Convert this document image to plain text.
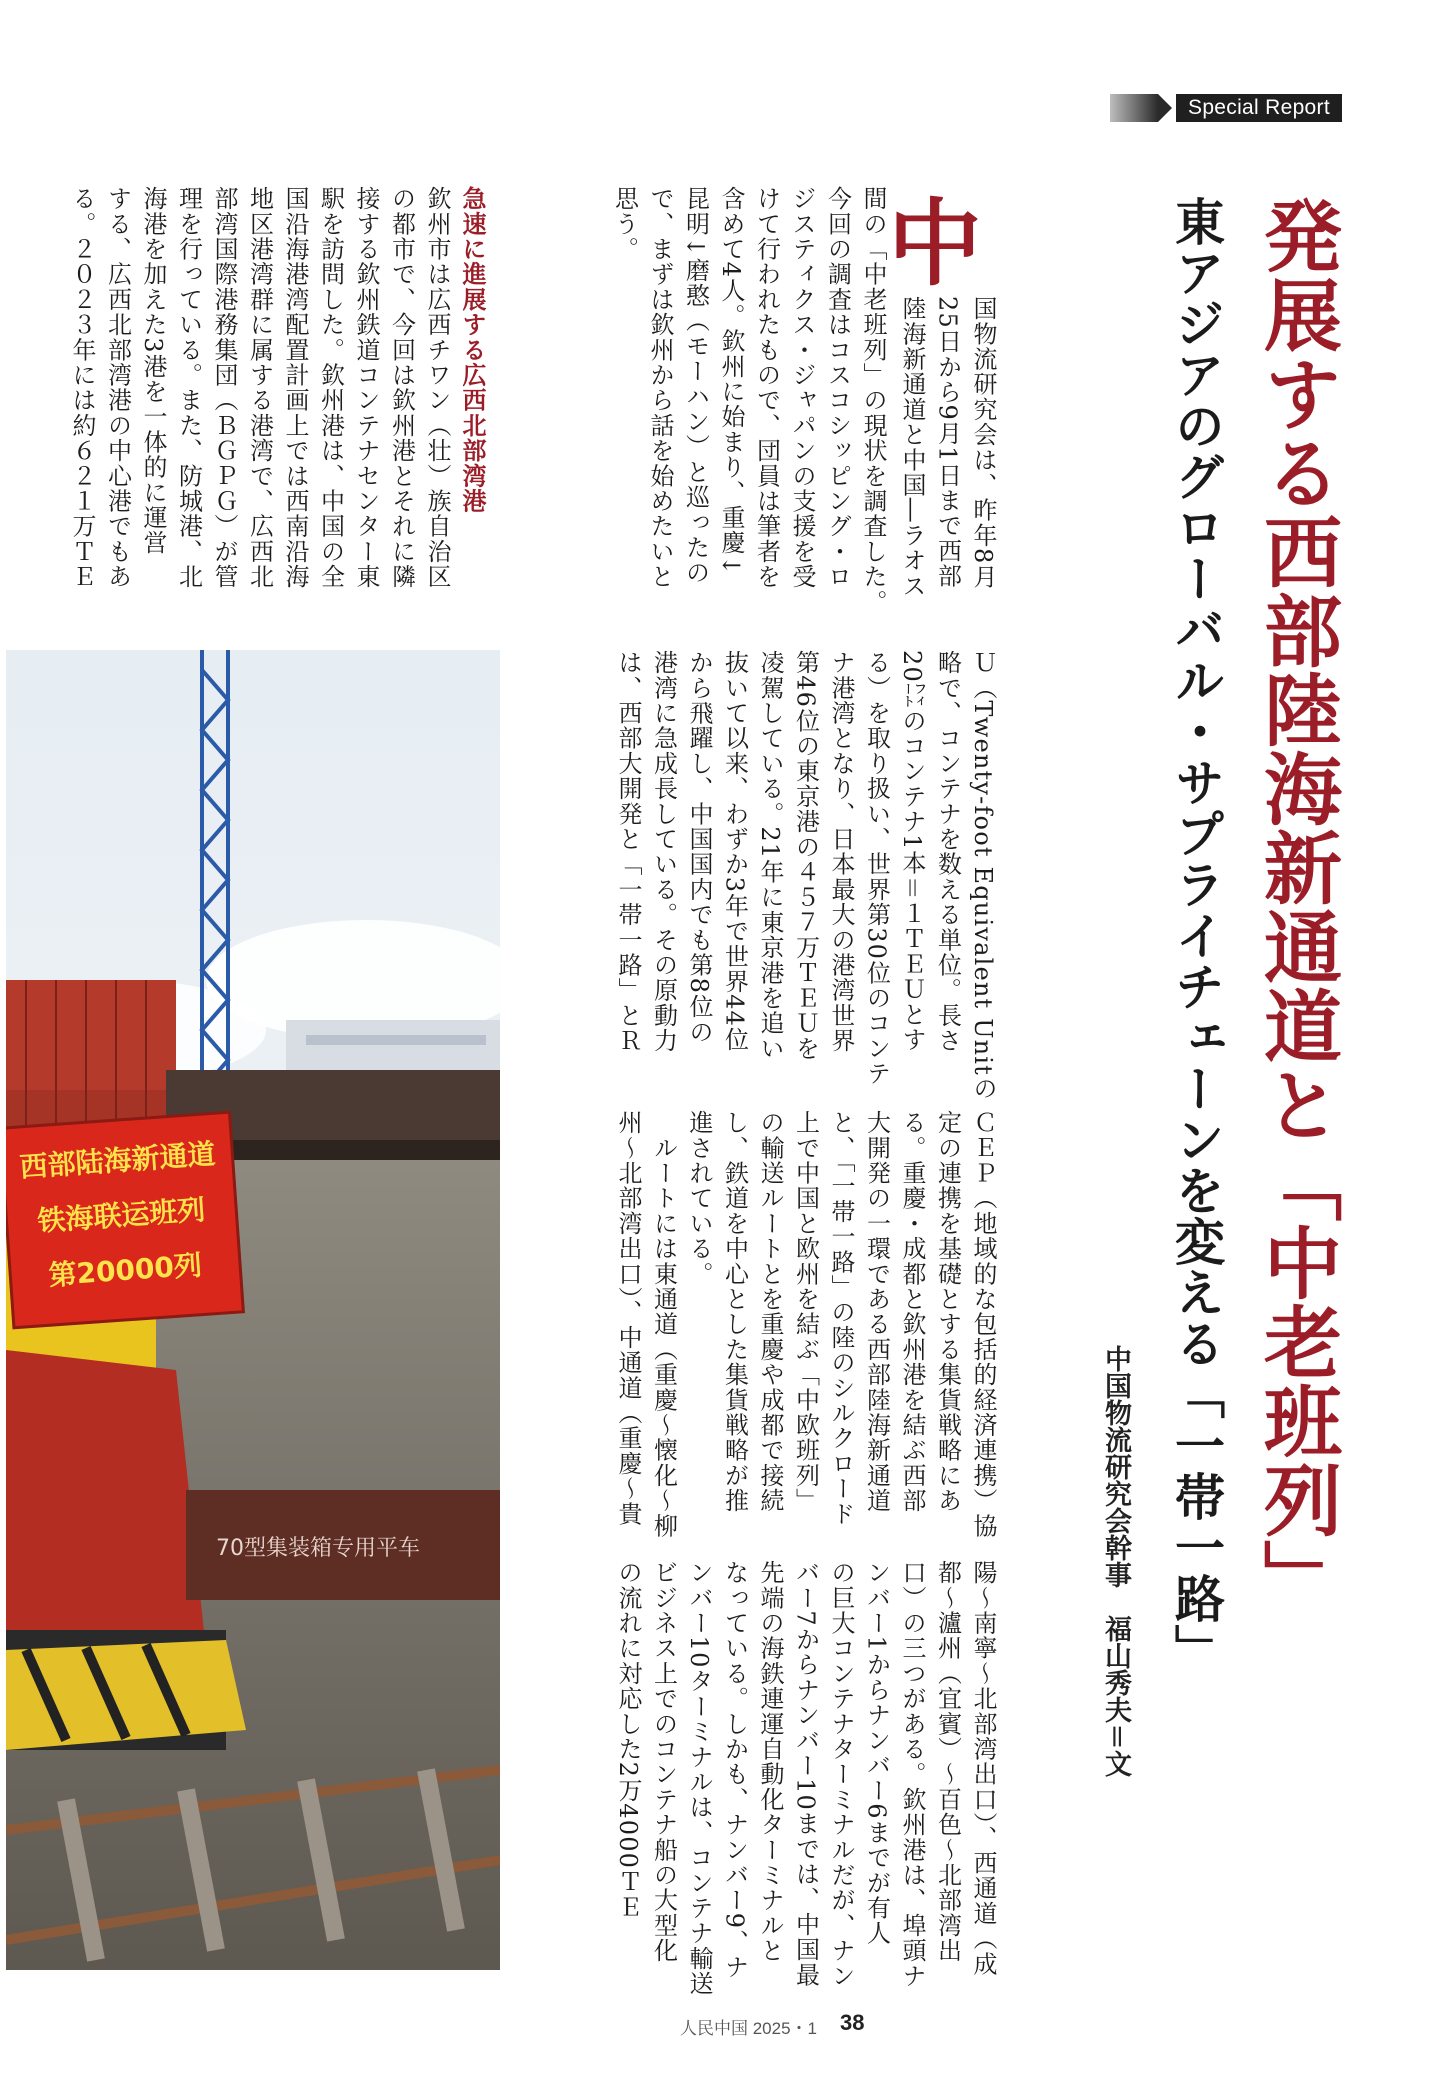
Special Report
発展する西部陸海新通道と「中老班列」
東アジアのグローバル・サプライチェーンを変える「一帯一路」
中国物流研究会幹事　福山秀夫＝文
中
国物流研究会は、昨年8月
25日から9月1日まで西部
陸海新通道と中国―ラオス
間の「中老班列」の現状を調査した。
今回の調査はコスコシッピング・ロ
ジスティクス・ジャパンの支援を受
けて行われたもので、団員は筆者を
含めて4人。欽州に始まり、重慶↓
昆明↓磨憨（モーハン）と巡ったの
で、まずは欽州から話を始めたいと
思う。
急速に進展する広西北部湾港
欽州市は広西チワン（壮）族自治区
の都市で、今回は欽州港とそれに隣
接する欽州鉄道コンテナセンター東
駅を訪問した。欽州港は、中国の全
国沿海港湾配置計画上では西南沿海
地区港湾群に属する港湾で、広西北
部湾国際港務集団（ＢＧＰＧ）が管
理を行っている。また、防城港、北
海港を加えた3港を一体的に運営
する、広西北部湾港の中心港でもあ
る。２０２３年には約６２１万ＴＥ
Ｕ（Twenty-foot Equivalent Unitの
略で、コンテナを数える単位。長さ
20㌳のコンテナ1本＝１ＴＥＵとす
る）を取り扱い、世界第30位のコンテ
ナ港湾となり、日本最大の港湾世界
第46位の東京港の４５７万ＴＥＵを
凌駕している。21年に東京港を追い
抜いて以来、わずか3年で世界44位
から飛躍し、中国国内でも第8位の
港湾に急成長している。その原動力
は、西部大開発と「一帯一路」とＲ
ＣＥＰ（地域的な包括的経済連携）協
定の連携を基礎とする集貨戦略にあ
る。重慶・成都と欽州港を結ぶ西部
大開発の一環である西部陸海新通道
と、「一帯一路」の陸のシルクロード
上で中国と欧州を結ぶ「中欧班列」
の輸送ルートとを重慶や成都で接続
し、鉄道を中心とした集貨戦略が推
進されている。
　ルートには東通道（重慶～懐化～柳
州～北部湾出口）、中通道（重慶～貴
陽～南寧～北部湾出口）、西通道（成
都～瀘州（宜賓）～百色～北部湾出
口）の三つがある。欽州港は、埠頭ナ
ンバー1からナンバー6までが有人
の巨大コンテナターミナルだが、ナン
バー7からナンバー10までは、中国最
先端の海鉄連運自動化ターミナルと
なっている。しかも、ナンバー9、ナ
ンバー10ターミナルは、コンテナ輸送
ビジネス上でのコンテナ船の大型化
の流れに対応した2万4000ＴＥ
70型集装箱专用平车
西部陆海新通道
铁海联运班列
第20000列
人民中国 2025・1 38
